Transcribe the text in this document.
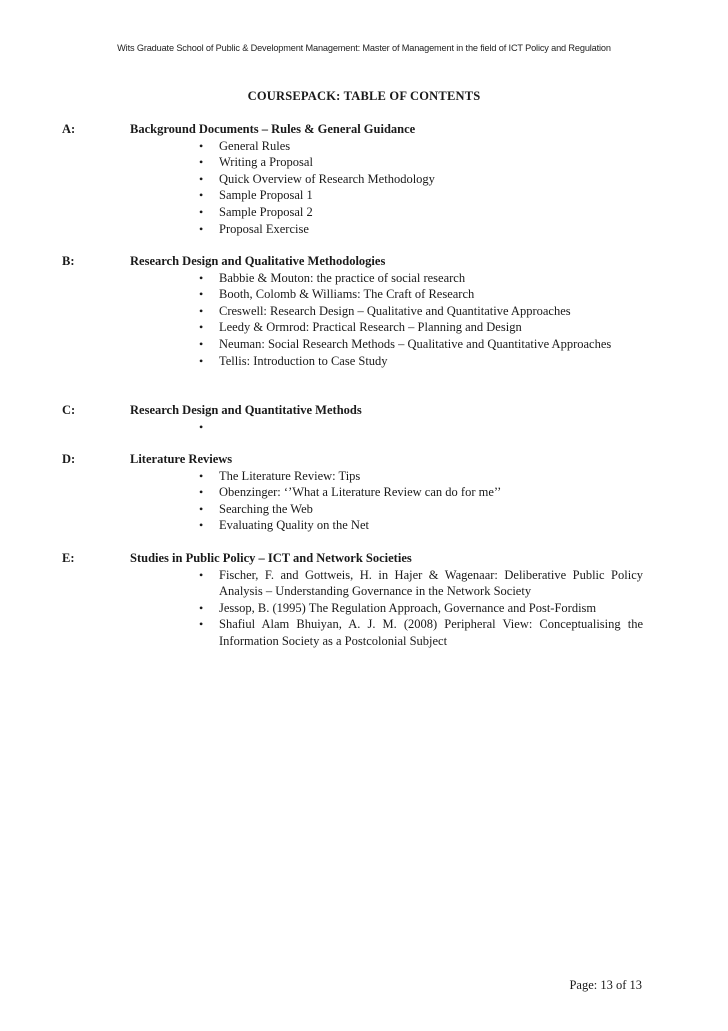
Wits Graduate School of Public & Development Management: Master of Management in the field of ICT Policy and Regulation
COURSEPACK: TABLE OF CONTENTS
A:	Background Documents – Rules & General Guidance
• General Rules
• Writing a Proposal
• Quick Overview of Research Methodology
• Sample Proposal 1
• Sample Proposal 2
• Proposal Exercise
B:	Research Design and Qualitative Methodologies
• Babbie & Mouton: the practice of social research
• Booth, Colomb & Williams: The Craft of Research
• Creswell: Research Design – Qualitative and Quantitative Approaches
• Leedy & Ormrod: Practical Research – Planning and Design
• Neuman: Social Research Methods – Qualitative and Quantitative Approaches
• Tellis: Introduction to Case Study
C:	Research Design and Quantitative Methods
•
D:	Literature Reviews
• The Literature Review: Tips
• Obenzinger: ‘’What a Literature Review can do for me’’
• Searching the Web
• Evaluating Quality on the Net
E:	Studies in Public Policy – ICT and Network Societies
• Fischer, F. and Gottweis, H. in Hajer & Wagenaar: Deliberative Public Policy Analysis – Understanding Governance in the Network Society
• Jessop, B. (1995) The Regulation Approach, Governance and Post-Fordism
• Shafiul Alam Bhuiyan, A. J. M. (2008) Peripheral View: Conceptualising the Information Society as a Postcolonial Subject
Page: 13 of 13
